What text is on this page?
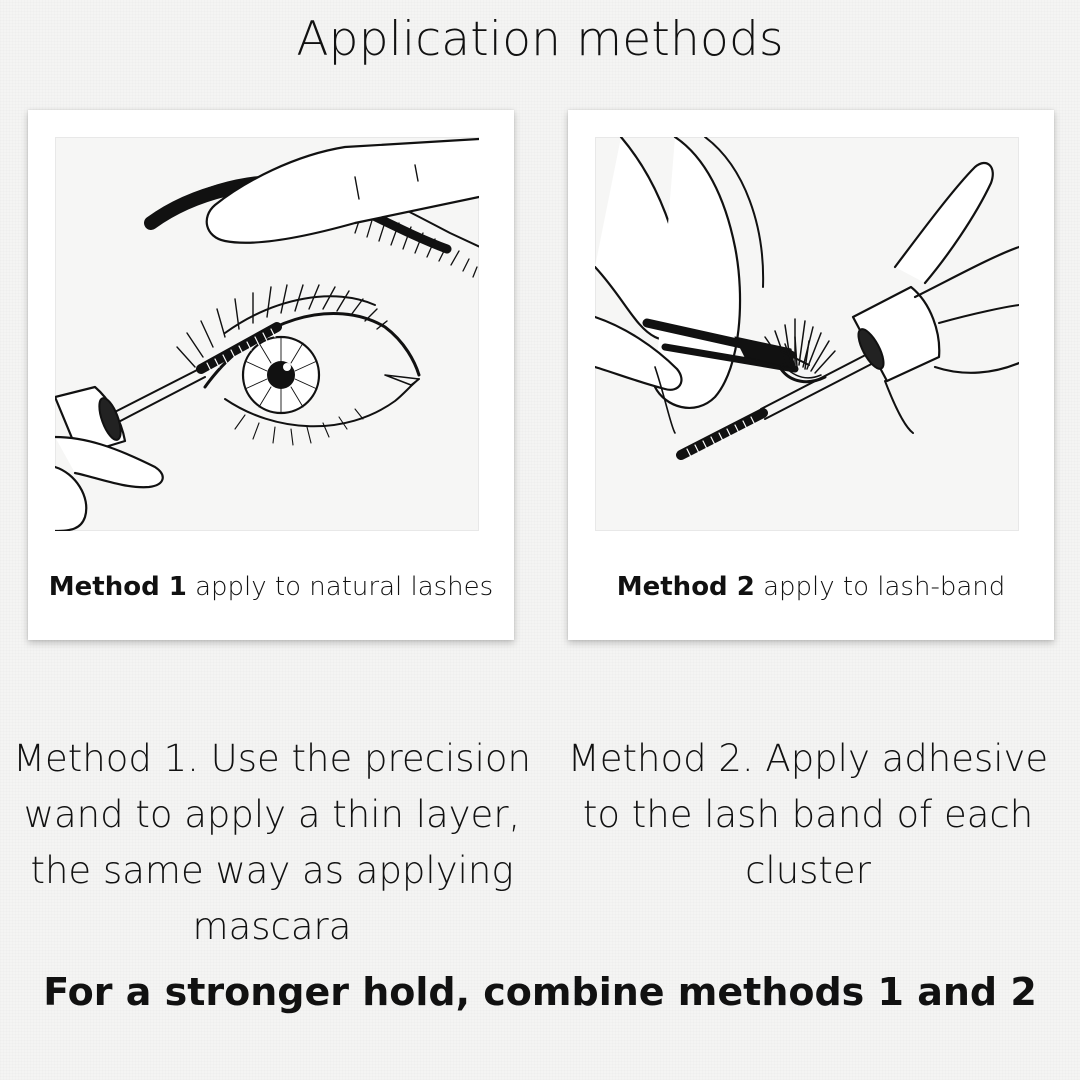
Application methods
Method 1 apply to natural lashes	Method 2 apply to lash-band

Method 1. Use the precision wand to apply a thin layer, the same way as applying mascara

Method 2. Apply adhesive to the lash band of each cluster

For a stronger hold, combine methods 1 and 2
